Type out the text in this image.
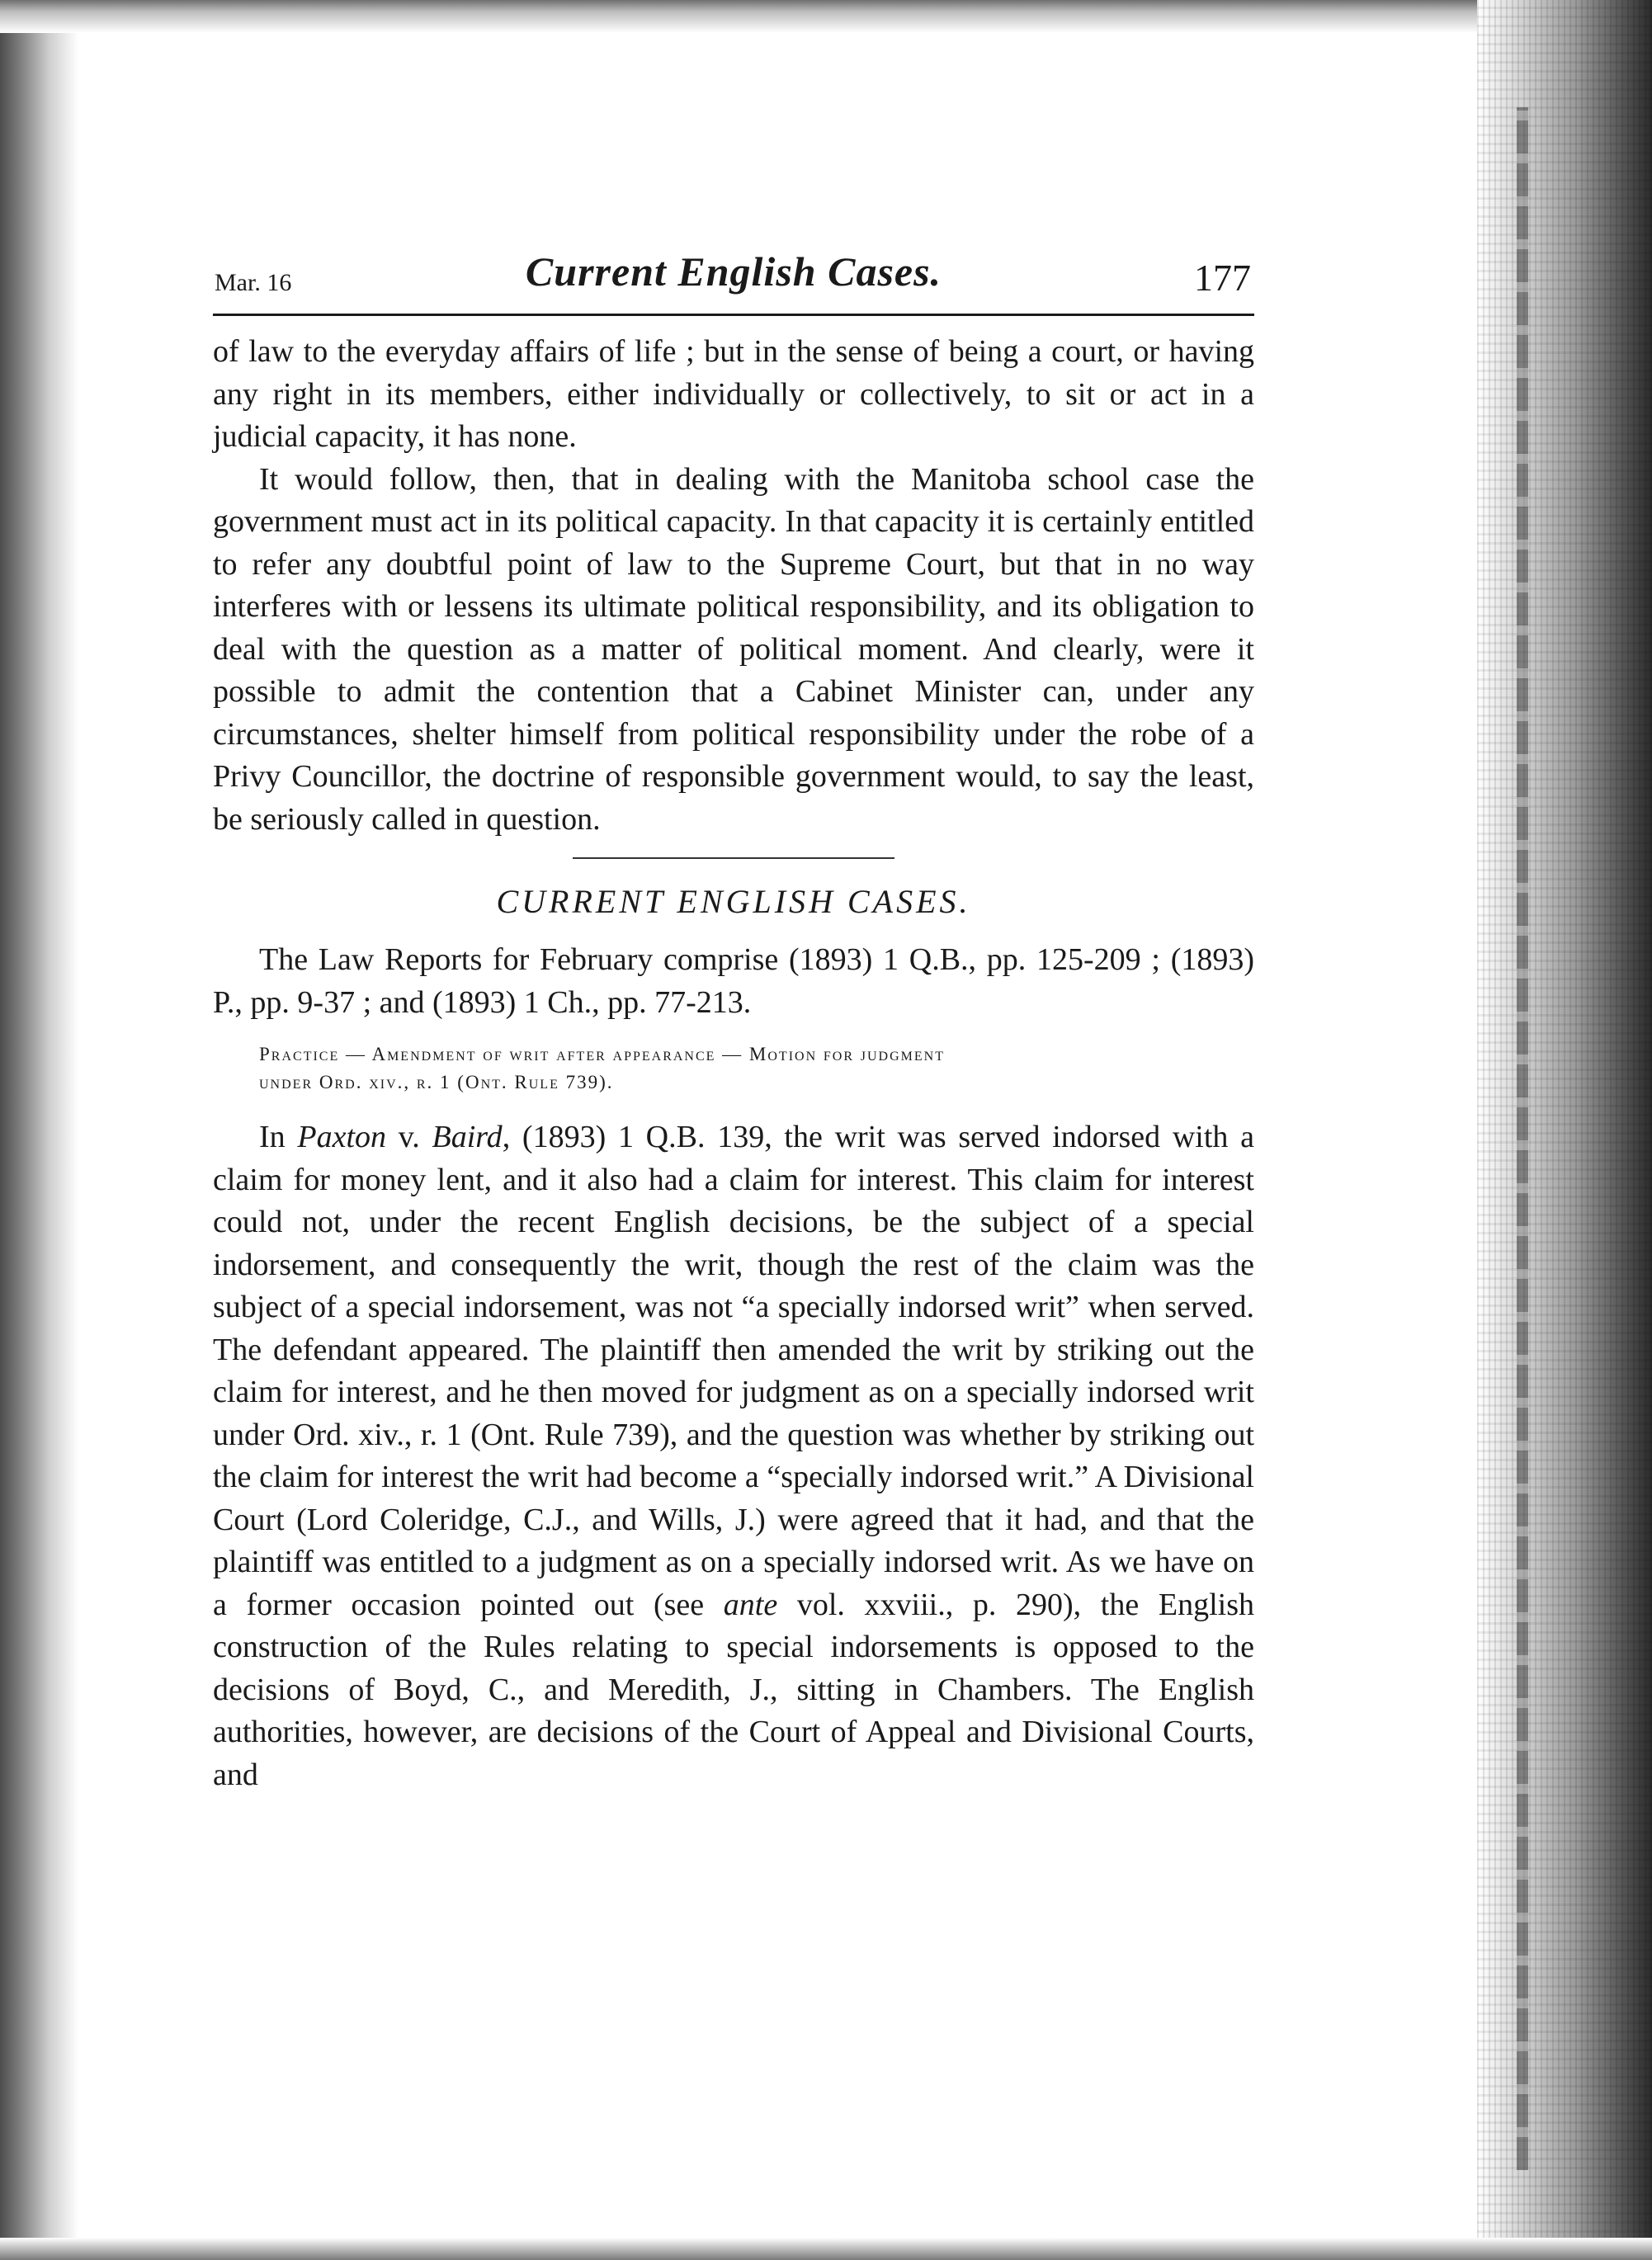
Mar. 16	Current English Cases.	177

of law to the everyday affairs of life ; but in the sense of being a court, or having any right in its members, either individually or collectively, to sit or act in a judicial capacity, it has none.

It would follow, then, that in dealing with the Manitoba school case the government must act in its political capacity. In that capacity it is certainly entitled to refer any doubtful point of law to the Supreme Court, but that in no way interferes with or lessens its ultimate political responsibility, and its obligation to deal with the question as a matter of political moment. And clearly, were it possible to admit the contention that a Cabinet Minister can, under any circumstances, shelter himself from political responsibility under the robe of a Privy Councillor, the doctrine of responsible government would, to say the least, be seriously called in question.

CURRENT ENGLISH CASES.

The Law Reports for February comprise (1893) 1 Q.B., pp. 125-209 ; (1893) P., pp. 9-37 ; and (1893) 1 Ch., pp. 77-213.

Practice — Amendment of writ after appearance — Motion for judgment
under Ord. xiv., r. 1 (Ont. Rule 739).

In Paxton v. Baird, (1893) 1 Q.B. 139, the writ was served indorsed with a claim for money lent, and it also had a claim for interest. This claim for interest could not, under the recent English decisions, be the subject of a special indorsement, and consequently the writ, though the rest of the claim was the subject of a special indorsement, was not “a specially indorsed writ” when served. The defendant appeared. The plaintiff then amended the writ by striking out the claim for interest, and he then moved for judgment as on a specially indorsed writ under Ord. xiv., r. 1 (Ont. Rule 739), and the question was whether by striking out the claim for interest the writ had become a “specially indorsed writ.” A Divisional Court (Lord Coleridge, C.J., and Wills, J.) were agreed that it had, and that the plaintiff was entitled to a judgment as on a specially indorsed writ. As we have on a former occasion pointed out (see ante vol. xxviii., p. 290), the English construction of the Rules relating to special indorsements is opposed to the decisions of Boyd, C., and Meredith, J., sitting in Chambers. The English authorities, however, are decisions of the Court of Appeal and Divisional Courts, and
